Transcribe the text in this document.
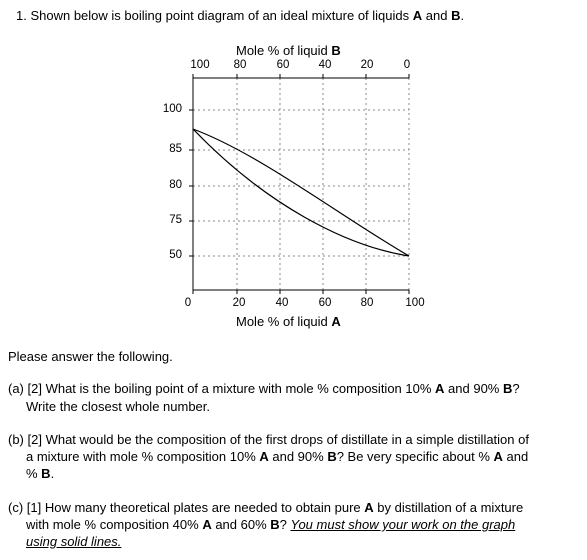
1. Shown below is boiling point diagram of an ideal mixture of liquids A and B.
Mole % of liquid B
100 80	60	40	20	0
100
85
80
75
50
0	20	40	60	80	100
Mole % of liquid A
Please answer the following.
(a) [2] What is the boiling point of a mixture with mole % composition 10% A and 90% B?
Write the closest whole number.
(b) [2] What would be the composition of the first drops of distillate in a simple distillation of
a mixture with mole % composition 10% A and 90% B? Be very specific about % A and
% B.
(c) [1] How many theoretical plates are needed to obtain pure A by distillation of a mixture
with mole % composition 40% A and 60% B? You must show your work on the graph
using solid lines.
